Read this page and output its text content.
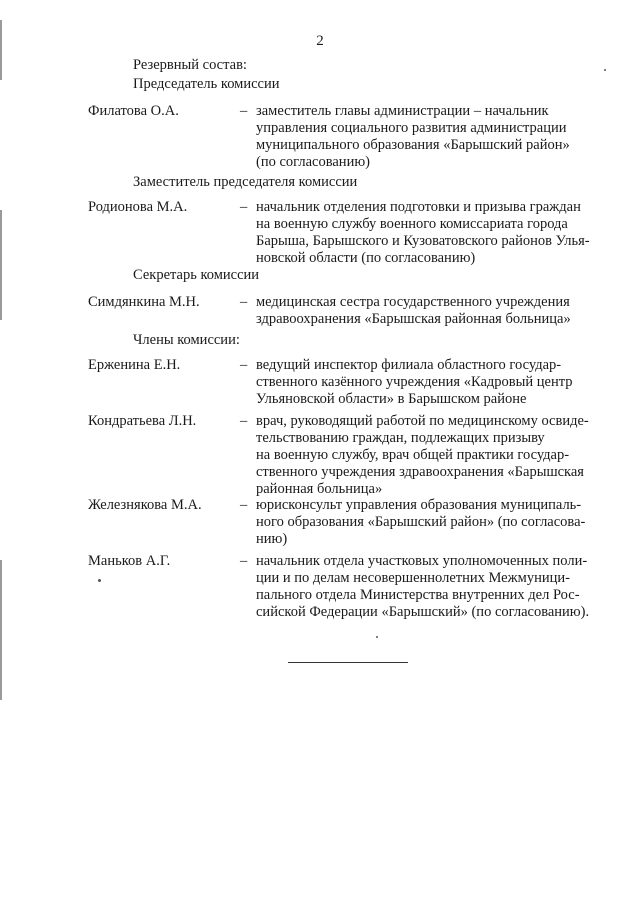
2
Резервный состав:
Председатель комиссии
Филатова О.А.	– заместитель главы администрации – начальник
управления социального развития администрации
муниципального образования «Барышский район»
(по согласованию)
Заместитель председателя комиссии
Родионова М.А.	– начальник отделения подготовки и призыва граждан
на военную службу военного комиссариата города
Барыша, Барышского и Кузоватовского районов Улья-
новской области (по согласованию)
Секретарь комиссии
Симдянкина М.Н.	– медицинская сестра государственного учреждения
здравоохранения «Барышская районная больница»
Члены комиссии:
Ерженина Е.Н.	– ведущий инспектор филиала областного государ-
ственного казённого учреждения «Кадровый центр
Ульяновской области» в Барышском районе
Кондратьева Л.Н.	– врач, руководящий работой по медицинскому освиде-
тельствованию граждан, подлежащих призыву
на военную службу, врач общей практики государ-
ственного учреждения здравоохранения «Барышская
районная больница»
Железнякова М.А.	– юрисконсульт управления образования муниципаль-
ного образования «Барышский район» (по согласова-
нию)
Маньков А.Г.	– начальник отдела участковых уполномоченных поли-
ции и по делам несовершеннолетних Межмуници-
пального отдела Министерства внутренних дел Рос-
сийской Федерации «Барышский» (по согласованию).
